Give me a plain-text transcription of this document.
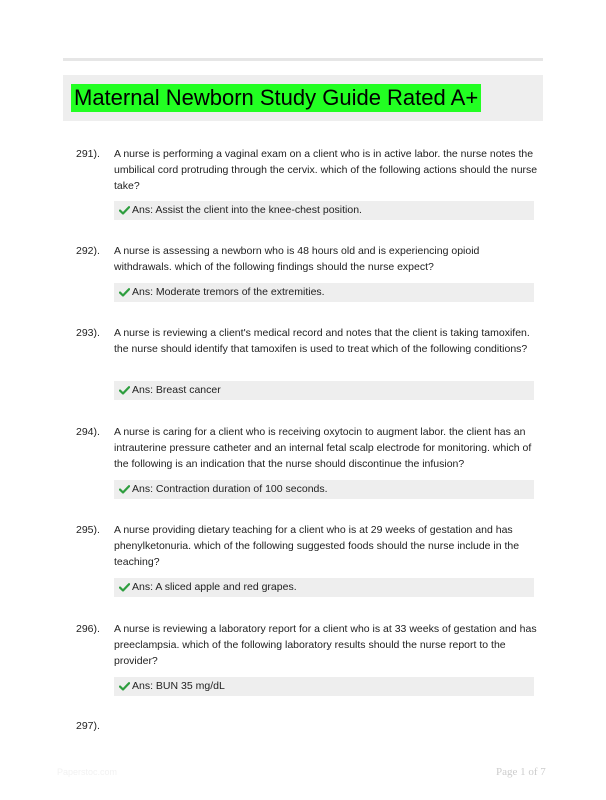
Maternal Newborn Study Guide Rated A+
291). A nurse is performing a vaginal exam on a client who is in active labor. the nurse notes the umbilical cord protruding through the cervix. which of the following actions should the nurse take?

Ans: Assist the client into the knee-chest position.
292). A nurse is assessing a newborn who is 48 hours old and is experiencing opioid withdrawals. which of the following findings should the nurse expect?

Ans: Moderate tremors of the extremities.
293). A nurse is reviewing a client's medical record and notes that the client is taking tamoxifen. the nurse should identify that tamoxifen is used to treat which of the following conditions?

Ans: Breast cancer
294). A nurse is caring for a client who is receiving oxytocin to augment labor. the client has an intrauterine pressure catheter and an internal fetal scalp electrode for monitoring. which of the following is an indication that the nurse should discontinue the infusion?

Ans: Contraction duration of 100 seconds.
295). A nurse providing dietary teaching for a client who is at 29 weeks of gestation and has phenylketonuria. which of the following suggested foods should the nurse include in the teaching?

Ans: A sliced apple and red grapes.
296). A nurse is reviewing a laboratory report for a client who is at 33 weeks of gestation and has preeclampsia. which of the following laboratory results should the nurse report to the provider?

Ans: BUN 35 mg/dL
297).
Paperstoc.com	Page 1 of 7
